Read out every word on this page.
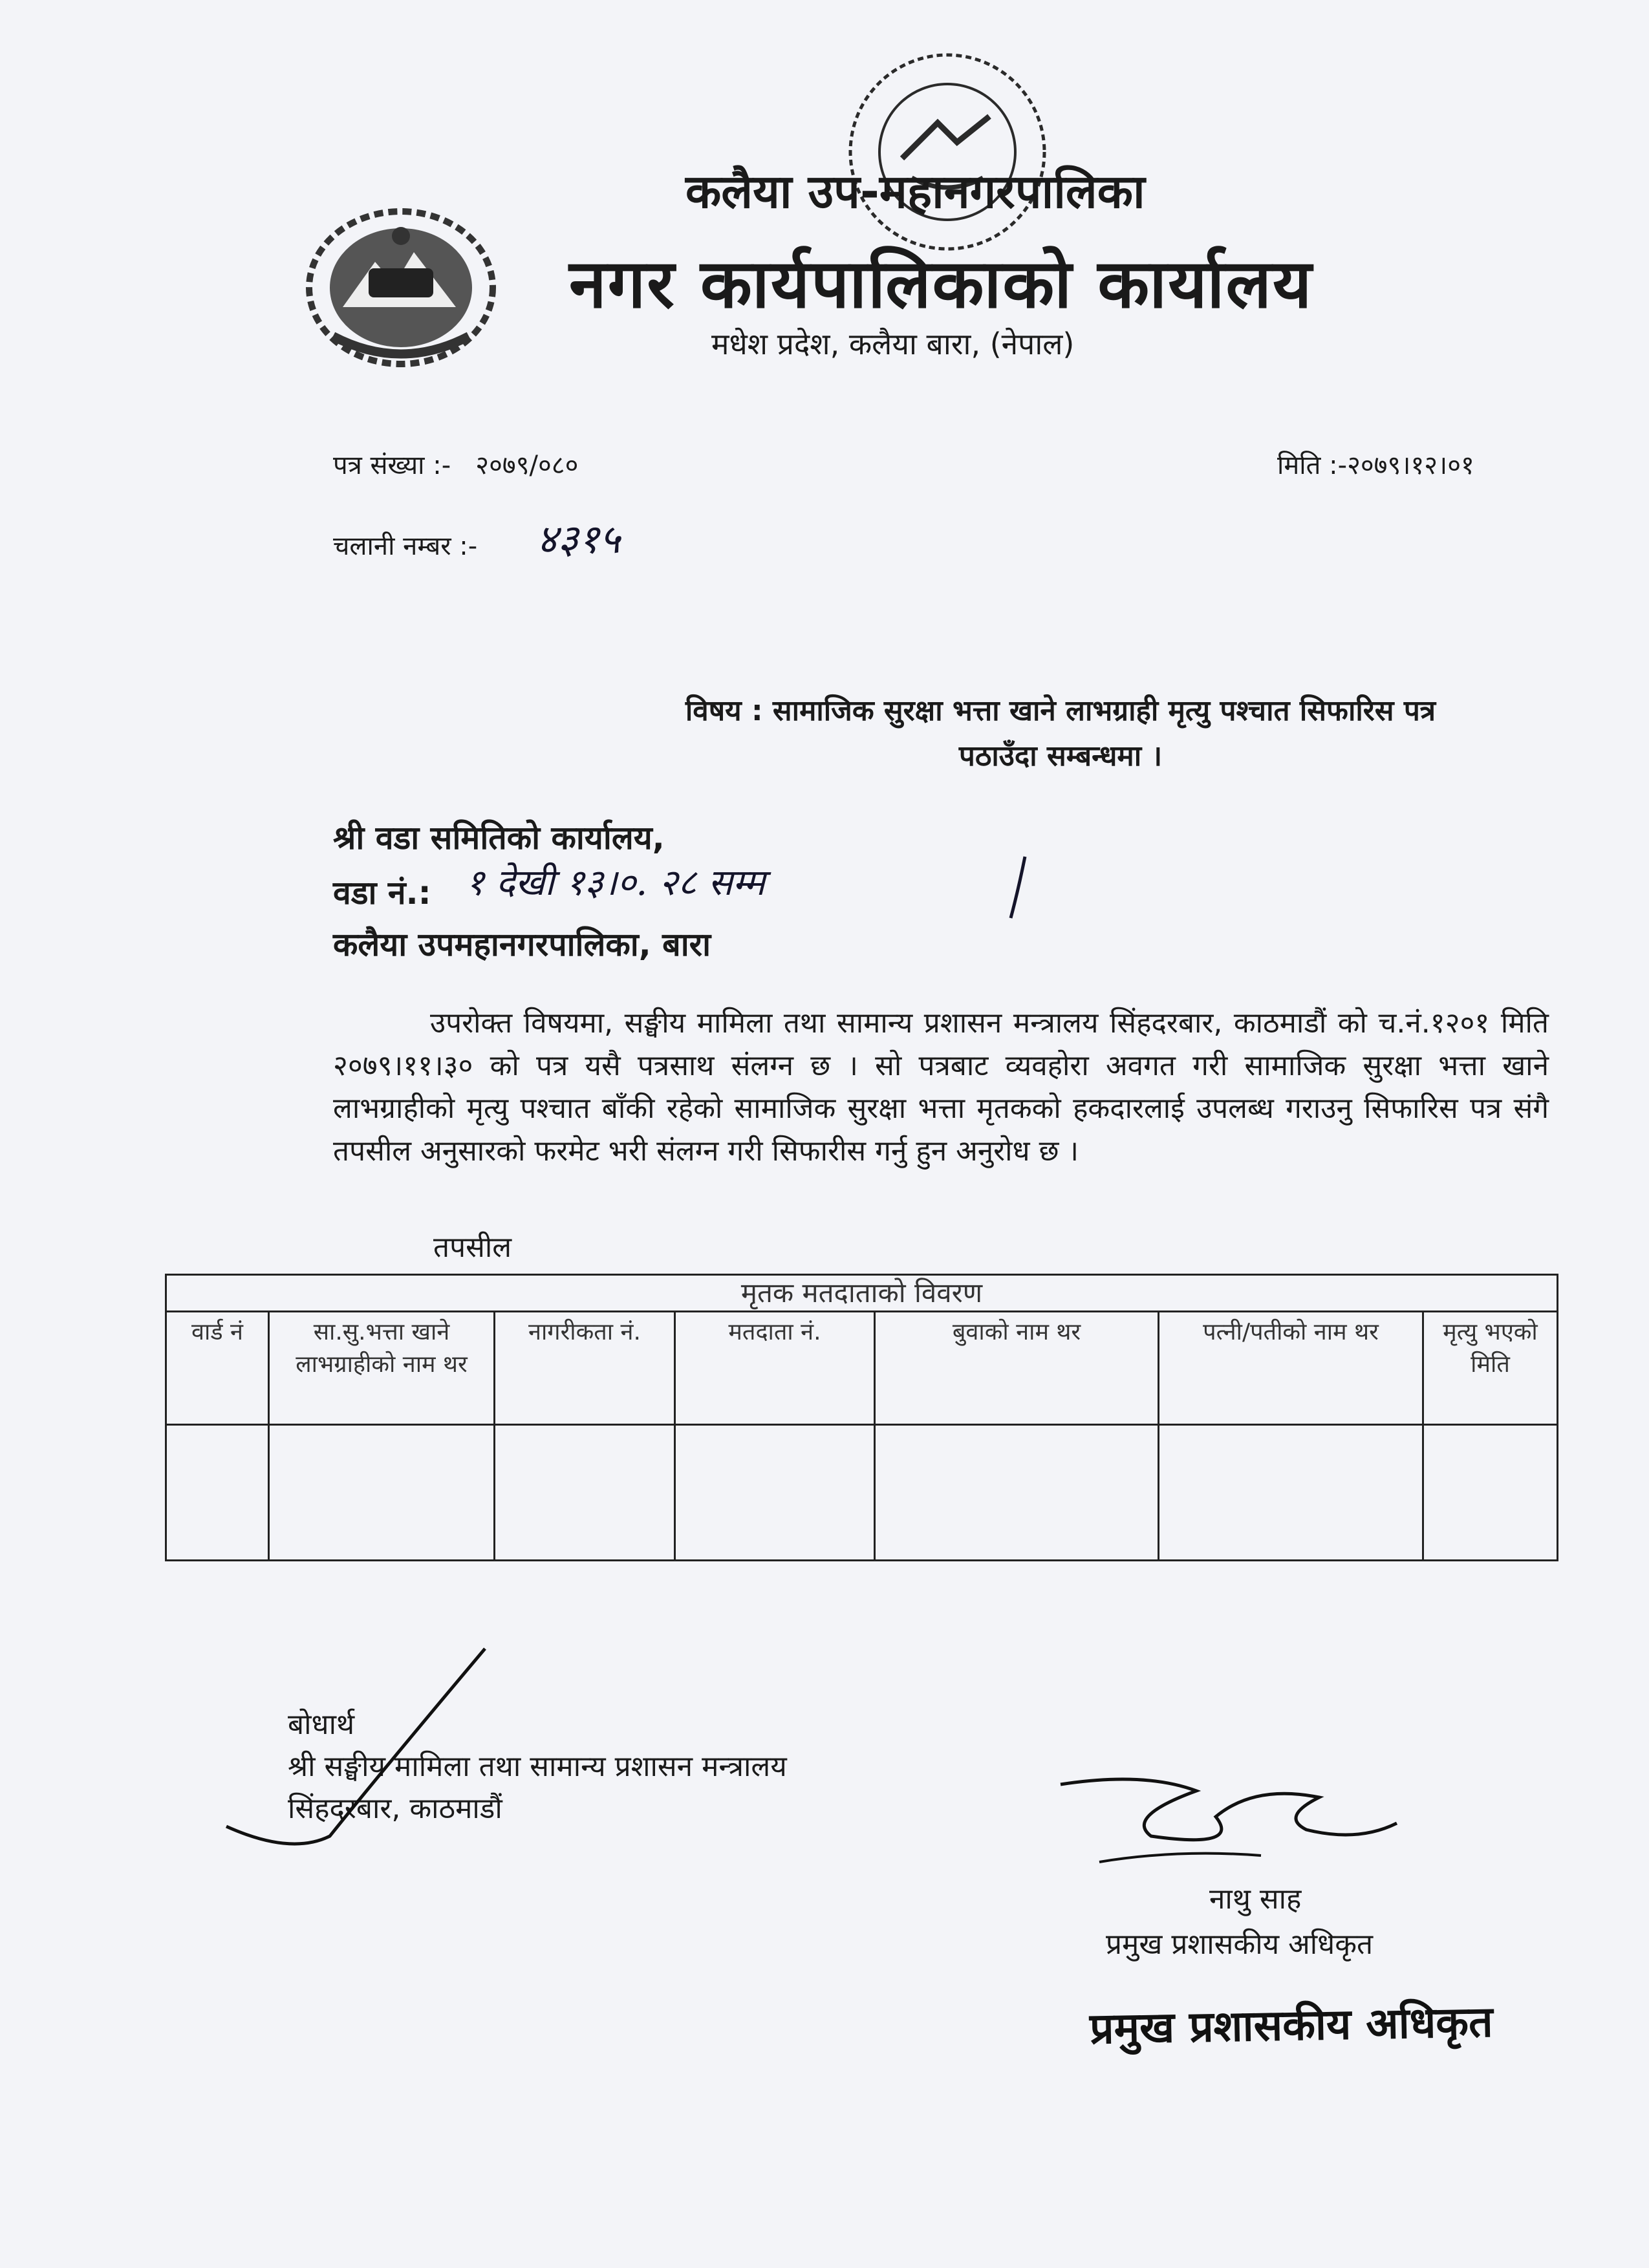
कलैया उप-महानगरपालिका
नगर कार्यपालिकाको कार्यालय
मधेश प्रदेश, कलैया बारा, (नेपाल)
पत्र संख्या :- २०७९/०८०	मिति :-२०७९।१२।०१
चलानी नम्बर :- ४३१५
विषय : सामाजिक सुरक्षा भत्ता खाने लाभग्राही मृत्यु पश्चात सिफारिस पत्र
पठाउँदा सम्बन्धमा ।
श्री वडा समितिको कार्यालय,
वडा नं.: १ देखी १३।०. २८ सम्म
कलैया उपमहानगरपालिका, बारा
उपरोक्त विषयमा, सङ्घीय मामिला तथा सामान्य प्रशासन मन्त्रालय सिंहदरबार, काठमाडौं को च.नं.१२०१ मिति २०७९।११।३० को पत्र यसै पत्रसाथ संलग्न छ । सो पत्रबाट व्यवहोरा अवगत गरी सामाजिक सुरक्षा भत्ता खाने लाभग्राहीको मृत्यु पश्चात बाँकी रहेको सामाजिक सुरक्षा भत्ता मृतकको हकदारलाई उपलब्ध गराउनु सिफारिस पत्र संगै तपसील अनुसारको फरमेट भरी संलग्न गरी सिफारीस गर्नु हुन अनुरोध छ ।
तपसील
मृतक मतदाताको विवरण						
वार्ड नं	सा.सु.भत्ता खाने लाभग्राहीको नाम थर	नागरीकता नं.	मतदाता नं.	बुवाको नाम थर	पत्नी/पतीको नाम थर	मृत्यु भएको मिति

बोधार्थ
श्री सङ्घीय मामिला तथा सामान्य प्रशासन मन्त्रालय
सिंहदरबार, काठमाडौं
नाथु साह
प्रमुख प्रशासकीय अधिकृत
प्रमुख प्रशासकीय अधिकृत
